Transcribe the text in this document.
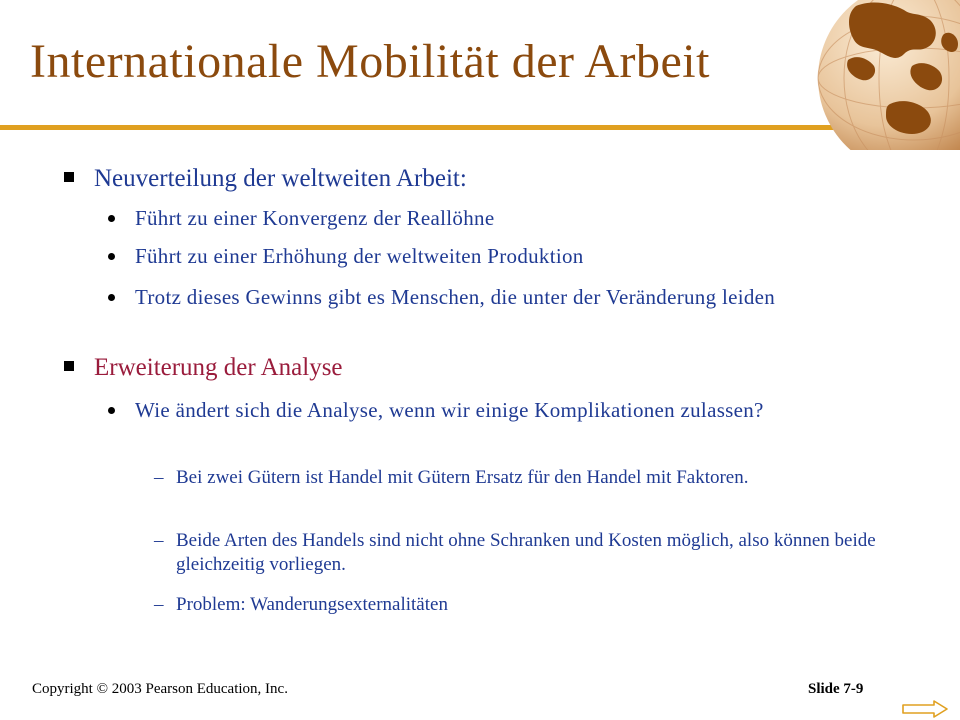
Internationale Mobilität der Arbeit
Neuverteilung der weltweiten Arbeit:
Führt zu einer Konvergenz der Reallöhne
Führt zu einer Erhöhung der weltweiten Produktion
Trotz dieses Gewinns gibt es Menschen, die unter der Veränderung leiden
Erweiterung der Analyse
Wie ändert sich die Analyse, wenn wir einige Komplikationen zulassen?
– Bei zwei Gütern ist Handel mit Gütern Ersatz für den Handel mit Faktoren.
– Beide Arten des Handels sind nicht ohne Schranken und Kosten möglich, also können beide gleichzeitig vorliegen.
– Problem: Wanderungsexternalitäten
Copyright © 2003 Pearson Education, Inc.	Slide 7-9
